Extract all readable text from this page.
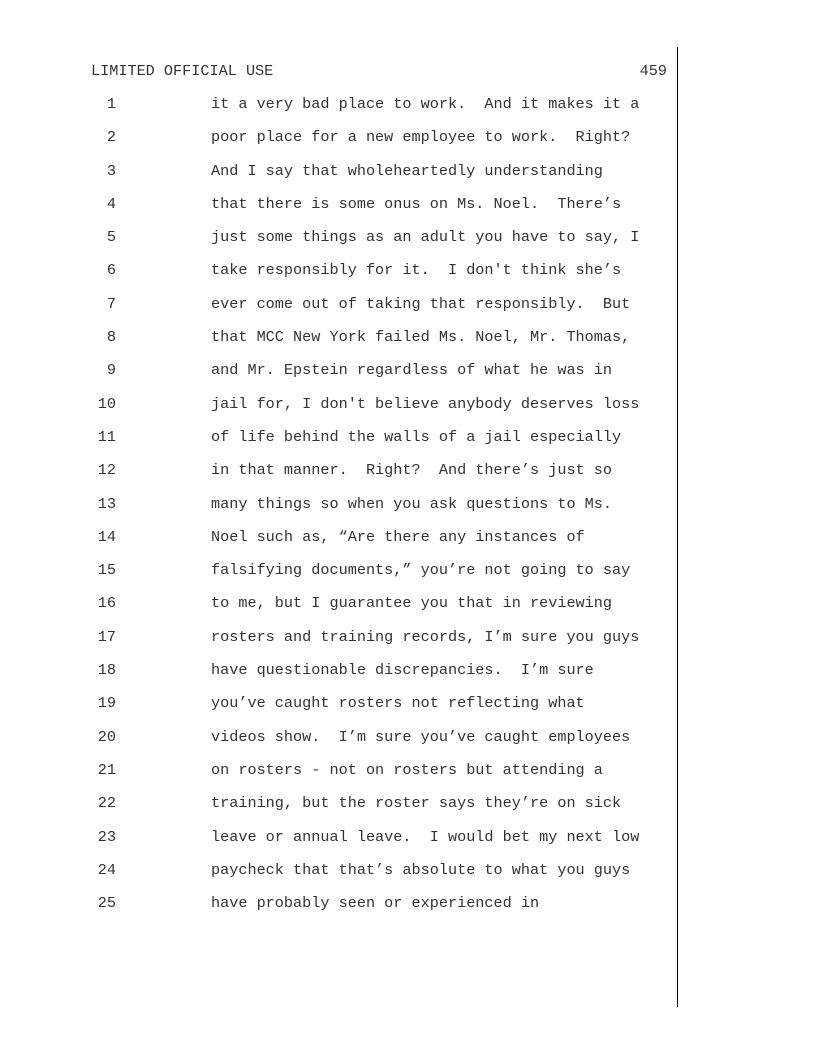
LIMITED OFFICIAL USE	459
1	it a very bad place to work.  And it makes it a
2	poor place for a new employee to work.  Right?
3	And I say that wholeheartedly understanding
4	that there is some onus on Ms. Noel.  There’s
5	just some things as an adult you have to say, I
6	take responsibly for it.  I don't think she’s
7	ever come out of taking that responsibly.  But
8	that MCC New York failed Ms. Noel, Mr. Thomas,
9	and Mr. Epstein regardless of what he was in
10	jail for, I don't believe anybody deserves loss
11	of life behind the walls of a jail especially
12	in that manner.  Right?  And there’s just so
13	many things so when you ask questions to Ms.
14	Noel such as, “Are there any instances of
15	falsifying documents,” you’re not going to say
16	to me, but I guarantee you that in reviewing
17	rosters and training records, I’m sure you guys
18	have questionable discrepancies.  I’m sure
19	you’ve caught rosters not reflecting what
20	videos show.  I’m sure you’ve caught employees
21	on rosters - not on rosters but attending a
22	training, but the roster says they’re on sick
23	leave or annual leave.  I would bet my next low
24	paycheck that that’s absolute to what you guys
25	have probably seen or experienced in
